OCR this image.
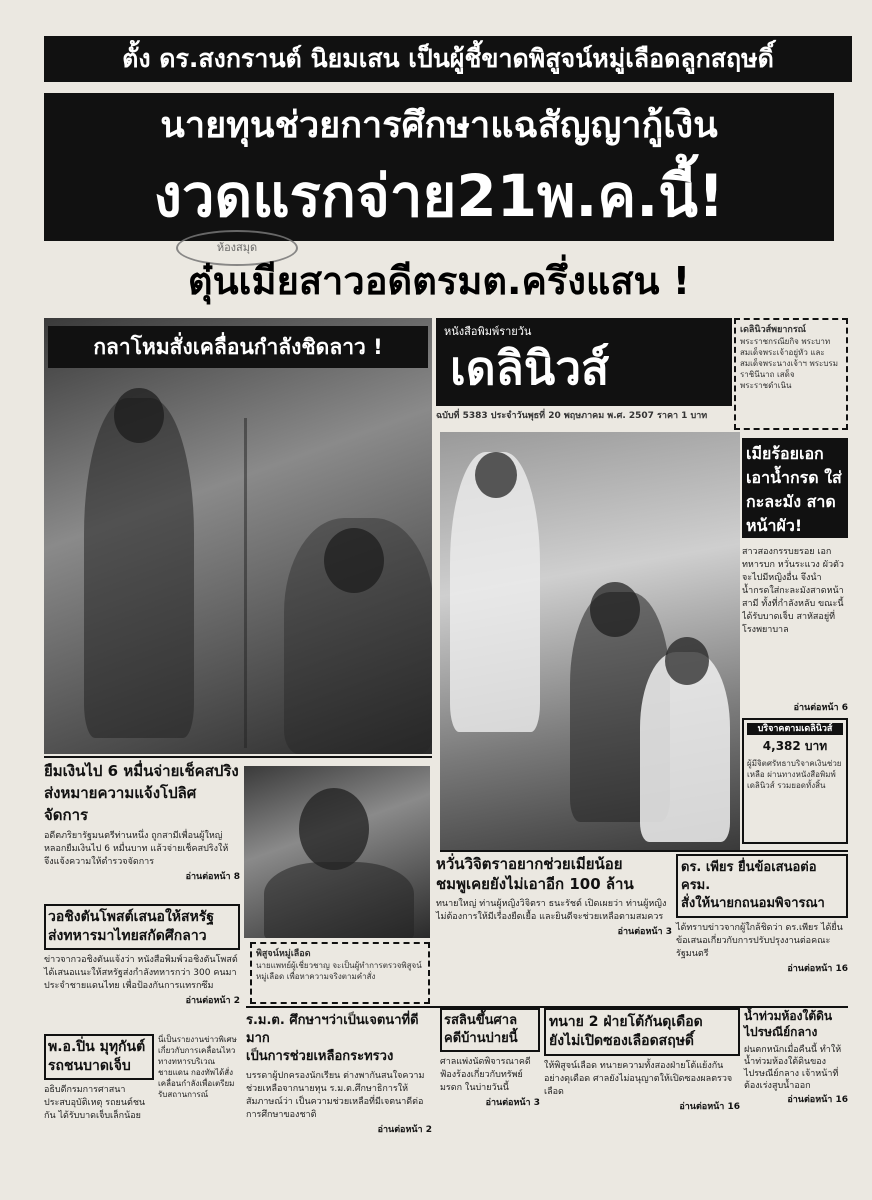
ตั้ง ดร.สงกรานต์ นิยมเสน เป็นผู้ชี้ขาดพิสูจน์หมู่เลือดลูกสฤษดิ์
นายทุนช่วยการศึกษาแฉสัญญากู้เงิน
งวดแรกจ่าย21พ.ค.นี้!
ห้องสมุด
ตุ๋นเมียสาวอดีตรมต.ครึ่งแสน !
กลาโหมสั่งเคลื่อนกำลังชิดลาว !
หนังสือพิมพ์รายวัน
เดลินิวส์
ฉบับที่ 5383 ประจำวันพุธที่ 20 พฤษภาคม พ.ศ. 2507 ราคา 1 บาท
เดลินิวส์พยากรณ์
พระราชกรณียกิจ พระบาท สมเด็จพระเจ้าอยู่หัว และสมเด็จพระนางเจ้าฯ พระบรมราชินีนาถ เสด็จพระราชดำเนิน
เมียร้อยเอก เอาน้ำกรด ใส่กะละมัง สาดหน้าผัว!
สาวสองกรรบยรอย เอกทหารบก หวั่นระแวง ผัวตัวจะไปมีหญิงอื่น จึงนำน้ำกรดใส่กะละมังสาดหน้าสามี ทั้งที่กำลังหลับ ขณะนี้ได้รับบาดเจ็บ สาหัสอยู่ที่โรงพยาบาล
อ่านต่อหน้า 6
บริจาคตามเดลินิวส์
4,382 บาท
ผู้มีจิตศรัทธาบริจาคเงินช่วยเหลือ ผ่านทางหนังสือพิมพ์เดลินิวส์ รวมยอดทั้งสิ้น
ยืมเงินไป 6 หมื่นจ่ายเช็คสปริง
ส่งหมายความแจ้งโปลิศจัดการ
อดีตภริยารัฐมนตรีท่านหนึ่ง ถูกสามีเพื่อนผู้ใหญ่หลอกยืมเงินไป 6 หมื่นบาท แล้วจ่ายเช็คสปริงให้ จึงแจ้งความให้ตำรวจจัดการ
อ่านต่อหน้า 8
วอชิงตันโพสต์เสนอให้สหรัฐ
ส่งทหารมาไทยสกัดศึกลาว
ข่าวจากวอชิงตันแจ้งว่า หนังสือพิมพ์วอชิงตันโพสต์ได้เสนอแนะให้สหรัฐส่งกำลังทหารกว่า 300 คนมาประจำชายแดนไทย เพื่อป้องกันการแทรกซึม
อ่านต่อหน้า 2
พิสูจน์หมู่เลือด
นายแพทย์ผู้เชี่ยวชาญ จะเป็นผู้ทำการตรวจพิสูจน์หมู่เลือด เพื่อหาความจริงตามคำสั่ง
หวั่นวิจิตราอยากช่วยเมียน้อย
ชมพูเคยยังไม่เอาอีก 100 ล้าน
ทนายใหญ่ ท่านผู้หญิงวิจิตรา ธนะรัชต์ เปิดเผยว่า ท่านผู้หญิงไม่ต้องการให้มีเรื่องยืดเยื้อ และยินดีจะช่วยเหลือตามสมควร
อ่านต่อหน้า 3
ดร. เพียร ยื่นข้อเสนอต่อ ครม.
สั่งให้นายกถนอมพิจารณา
ได้ทราบข่าวจากผู้ใกล้ชิดว่า ดร.เพียร ได้ยื่นข้อเสนอเกี่ยวกับการปรับปรุงงานต่อคณะรัฐมนตรี
อ่านต่อหน้า 16
พ.อ.ปิ่น มุทุกันต์
รถชนบาดเจ็บ
อธิบดีกรมการศาสนา ประสบอุบัติเหตุ รถยนต์ชนกัน ได้รับบาดเจ็บเล็กน้อย
นี่เป็นรายงานข่าวพิเศษเกี่ยวกับการเคลื่อนไหวทางทหารบริเวณชายแดน กองทัพได้สั่งเคลื่อนกำลังเพื่อเตรียมรับสถานการณ์
ร.ม.ต. ศึกษาฯว่าเป็นเจตนาที่ดีมาก
เป็นการช่วยเหลือกระทรวง
บรรดาผู้ปกครองนักเรียน ต่างพากันสนใจความช่วยเหลือจากนายทุน ร.ม.ต.ศึกษาธิการให้สัมภาษณ์ว่า เป็นความช่วยเหลือที่มีเจตนาดีต่อการศึกษาของชาติ
อ่านต่อหน้า 2
รสลินขึ้นศาล
คดีบ้านบ่ายนี้
ศาลแพ่งนัดพิจารณาคดีฟ้องร้องเกี่ยวกับทรัพย์มรดก ในบ่ายวันนี้
อ่านต่อหน้า 3
ทนาย 2 ฝ่ายโต้กันดุเดือด
ยังไม่เปิดซองเลือดสฤษดิ์
ให้พิสูจน์เลือด ทนายความทั้งสองฝ่ายโต้แย้งกันอย่างดุเดือด ศาลยังไม่อนุญาตให้เปิดซองผลตรวจเลือด
อ่านต่อหน้า 16
น้ำท่วมห้องใต้ดิน
ไปรษณีย์กลาง
ฝนตกหนักเมื่อคืนนี้ ทำให้น้ำท่วมห้องใต้ดินของไปรษณีย์กลาง เจ้าหน้าที่ต้องเร่งสูบน้ำออก
อ่านต่อหน้า 16
